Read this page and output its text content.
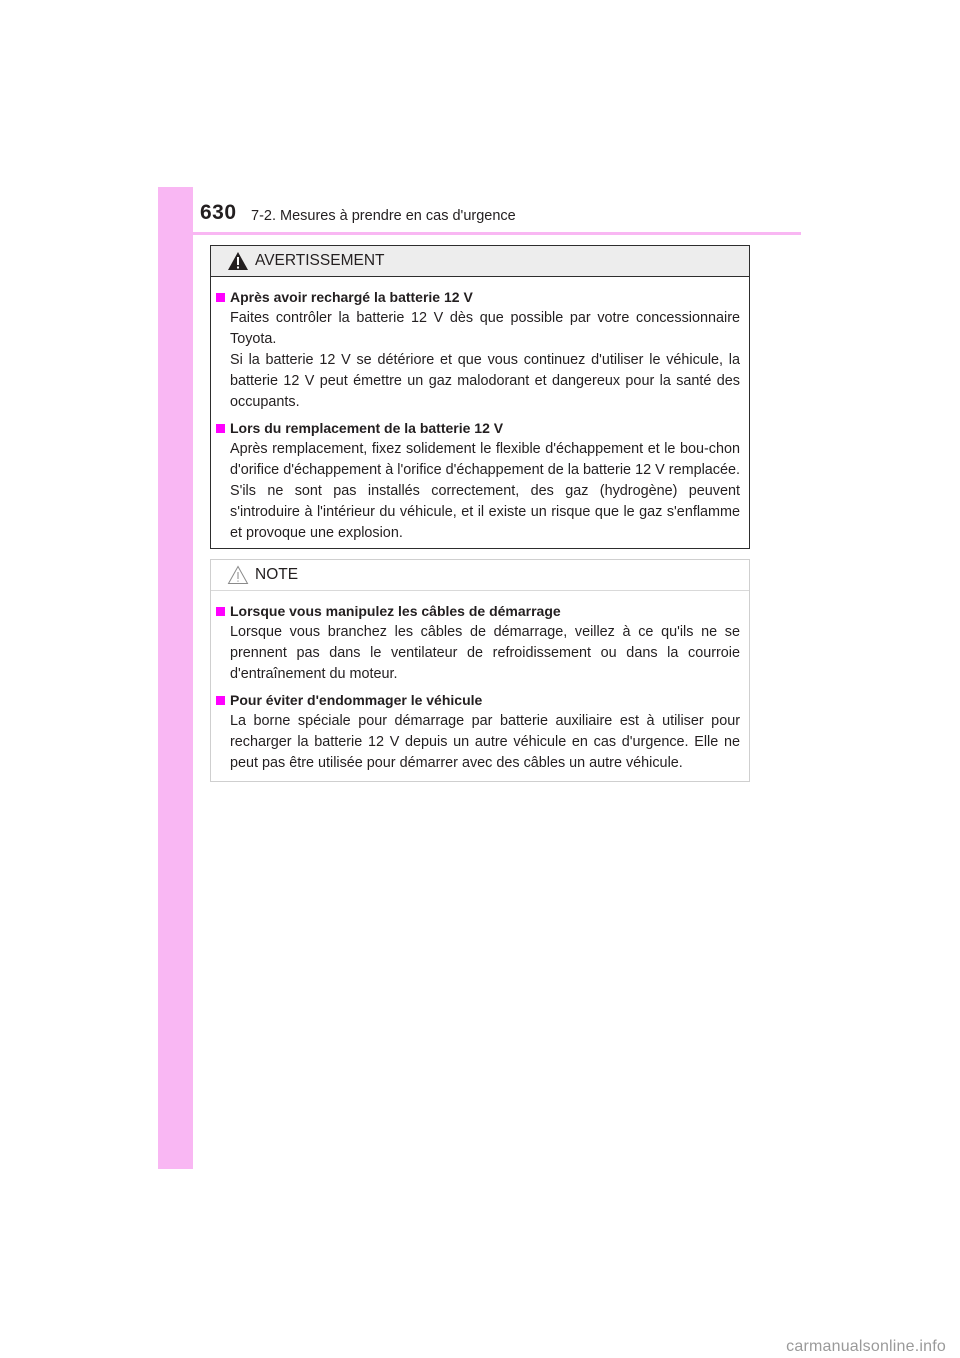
630 7-2. Mesures à prendre en cas d'urgence
AVERTISSEMENT
Après avoir rechargé la batterie 12 V
Faites contrôler la batterie 12 V dès que possible par votre concessionnaire Toyota.
Si la batterie 12 V se détériore et que vous continuez d'utiliser le véhicule, la batterie 12 V peut émettre un gaz malodorant et dangereux pour la santé des occupants.
Lors du remplacement de la batterie 12 V
Après remplacement, fixez solidement le flexible d'échappement et le bou-chon d'orifice d'échappement à l'orifice d'échappement de la batterie 12 V remplacée. S'ils ne sont pas installés correctement, des gaz (hydrogène) peuvent s'introduire à l'intérieur du véhicule, et il existe un risque que le gaz s'enflamme et provoque une explosion.
NOTE
Lorsque vous manipulez les câbles de démarrage
Lorsque vous branchez les câbles de démarrage, veillez à ce qu'ils ne se prennent pas dans le ventilateur de refroidissement ou dans la courroie d'entraînement du moteur.
Pour éviter d'endommager le véhicule
La borne spéciale pour démarrage par batterie auxiliaire est à utiliser pour recharger la batterie 12 V depuis un autre véhicule en cas d'urgence. Elle ne peut pas être utilisée pour démarrer avec des câbles un autre véhicule.
carmanualsonline.info
